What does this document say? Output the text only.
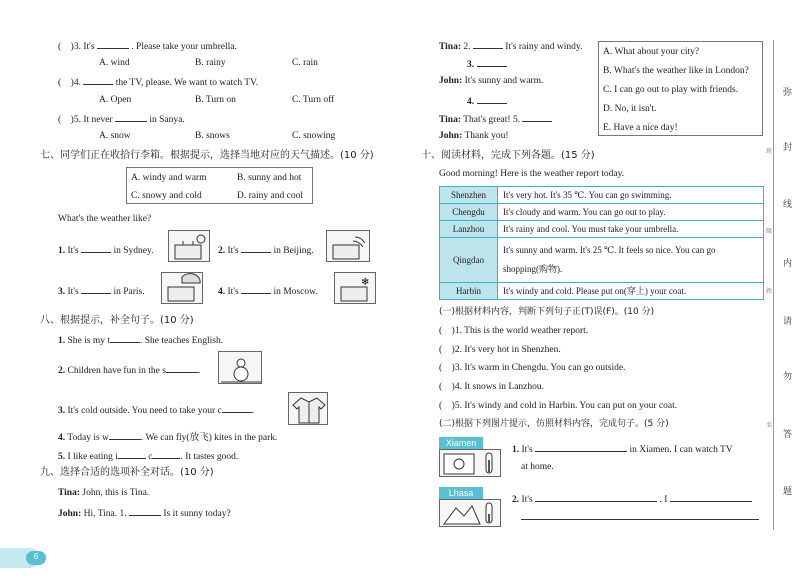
(    )3. It's	. Please take your umbrella.
A. wind	B. rainy	C. rain
(    )4.	the TV, please. We want to watch TV.
A. Open	B. Turn on	C. Turn off
(    )5. It never	in Sanya.
A. snow	B. snows	C. snowing
七、同学们正在收拾行李箱。根据提示，选择当地对应的天气描述。(10 分)
A. windy and warm	B. sunny and hot
C. snowy and cold	D. rainy and cool
What's the weather like?
1. It's	in Sydney.	2. It's	in Beijing.
3. It's	in Paris.	4. It's	in Moscow.
❄
八、根据提示，补全句子。(10 分)
1. She is my t	. She teaches English.
2. Children have fun in the s	.
3. It's cold outside. You need to take your c	.
4. Today is w	. We can fly(放飞) kites in the park.
5. I like eating i	c	. It tastes good.
九、选择合适的选项补全对话。(10 分)
Tina: John, this is Tina.
John: Hi, Tina. 1.	Is it sunny today?
6
Tina: 2.	It's rainy and windy.
3.
John: It's sunny and warm.
4.
Tina: That's great! 5.
John: Thank you!
A. What about your city?
B. What's the weather like in London?
C. I can go out to play with friends.
D. No, it isn't.
E. Have a nice day!
十、阅读材料，完成下列各题。(15 分)
Good morning! Here is the weather report today.
Shenzhen	It's very hot. It's 35 ℃. You can go swimming.
Chengdu	It's cloudy and warm. You can go out to play.
Lanzhou	It's rainy and cool. You must take your umbrella.
Qingdao	It's sunny and warm. It's 25 ℃. It feels so nice. You can go shopping(购物).
Harbin	It's windy and cold. Please put on(穿上) your coat.
(一)根据材料内容，判断下列句子正(T)误(F)。(10 分)
(    )1. This is the world weather report.
(    )2. It's very hot in Shenzhen.
(    )3. It's warm in Chengdu. You can go outside.
(    )4. It snows in Lanzhou.
(    )5. It's windy and cold in Harbin. You can put on your coat.
(二)根据下列图片提示，仿照材料内容，完成句子。(5 分)
Xiamen
1. It's	in Xiamen. I can watch TV
at home.
Lhasa
2. It's	. I
弥
封
线
内
请
勿
答
题
班
级
姓
名
